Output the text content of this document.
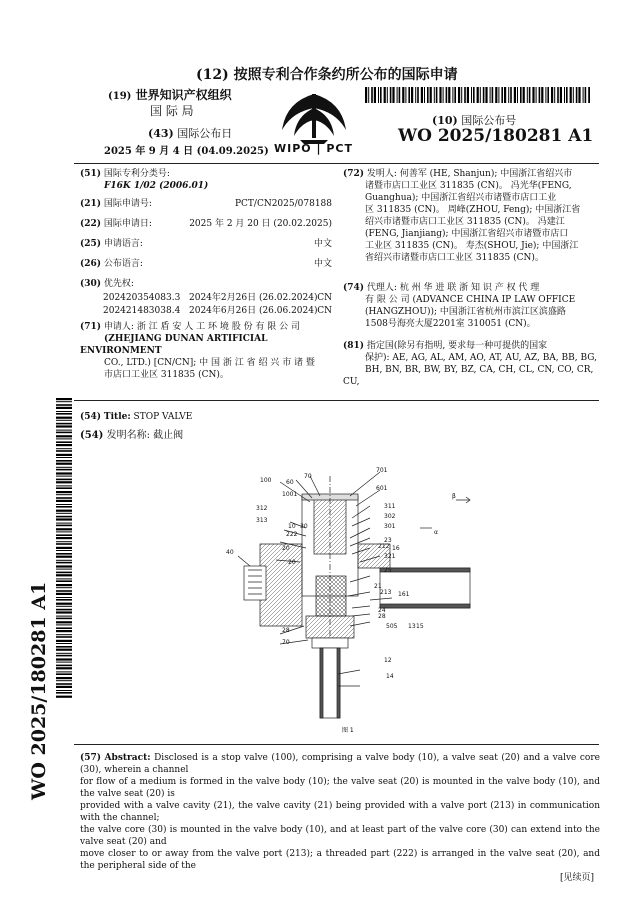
(12) 按照专利合作条约所公布的国际申请
(19) 世界知识产权组织
国 际 局
(43) 国际公布日
2025 年 9 月 4 日 (04.09.2025) WIPO | PCT
(10) 国际公布号
WO 2025/180281 A1
(51) 国际专利分类号:
F16K 1/02 (2006.01)
(21) 国际申请号:	PCT/CN2025/078188
(22) 国际申请日:	2025 年 2 月 20 日 (20.02.2025)
(25) 申请语言:	中文
(26) 公布语言:	中文
(30) 优先权:
202420354083.3 2024年2月26日 (26.02.2024) CN
202421483038.4 2024年6月26日 (26.06.2024) CN
(71) 申请人: 浙 江 盾 安 人 工 环 境 股 份 有 限 公 司
(ZHEJIANG DUNAN ARTIFICIAL ENVIRONMENT
CO., LTD.) [CN/CN]; 中 国 浙 江 省 绍 兴 市 诸 暨
市店口工业区 311835 (CN)。
(72) 发明人: 何善军 (HE, Shanjun); 中国浙江省绍兴市
诸暨市店口工业区 311835 (CN)。 冯光华(FENG,
Guanghua); 中国浙江省绍兴市诸暨市店口工业
区 311835 (CN)。 周峰(ZHOU, Feng); 中国浙江省
绍兴市诸暨市店口工业区 311835 (CN)。 冯建江
(FENG, Jianjiang); 中国浙江省绍兴市诸暨市店口
工业区 311835 (CN)。 寿杰(SHOU, Jie); 中国浙江
省绍兴市诸暨市店口工业区 311835 (CN)。
(74) 代理人: 杭 州 华 进 联 浙 知 识 产 权 代 理
有 限 公 司 (ADVANCE CHINA IP LAW OFFICE
(HANGZHOU)); 中国浙江省杭州市滨江区滨盛路
1508号海亮大厦2201室 310051 (CN)。
(81) 指定国(除另有指明, 要求每一种可提供的国家
保护): AE, AG, AL, AM, AO, AT, AU, AZ, BA, BB, BG,
BH, BN, BR, BW, BY, BZ, CA, CH, CL, CN, CO, CR, CU,
WO 2025/180281 A1
(54) Title: STOP VALVE
(54) 发明名称: 截止阀
701
100 60
70
601
1001
311
312
302
313
10 30	301
222
23
20	212 16
321
40
20
25
21
213 161
24
28
505 13 15
28
70
12
14
β
α
图 1
(57) Abstract: Disclosed is a stop valve (100), comprising a valve body (10), a valve seat (20) and a valve core (30), wherein a channel
for flow of a medium is formed in the valve body (10); the valve seat (20) is mounted in the valve body (10), and the valve seat (20) is
provided with a valve cavity (21), the valve cavity (21) being provided with a valve port (213) in communication with the channel;
the valve core (30) is mounted in the valve body (10), and at least part of the valve core (30) can extend into the valve seat (20) and
move closer to or away from the valve port (213); a threaded part (222) is arranged in the valve seat (20), and the peripheral side of the
[见续页]
